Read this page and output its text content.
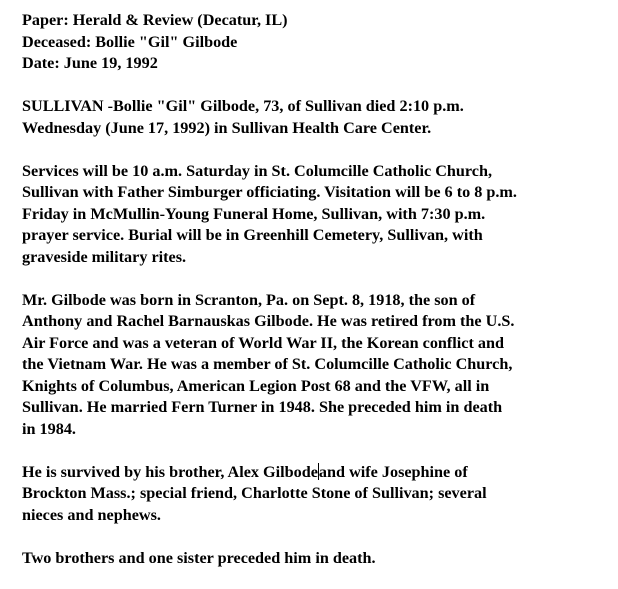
Paper: Herald & Review (Decatur, IL)
Deceased: Bollie "Gil" Gilbode
Date: June 19, 1992
SULLIVAN -Bollie "Gil" Gilbode, 73, of Sullivan died 2:10 p.m.
Wednesday (June 17, 1992) in Sullivan Health Care Center.
Services will be 10 a.m. Saturday in St. Columcille Catholic Church,
Sullivan with Father Simburger officiating. Visitation will be 6 to 8 p.m.
Friday in McMullin-Young Funeral Home, Sullivan, with 7:30 p.m.
prayer service. Burial will be in Greenhill Cemetery, Sullivan, with
graveside military rites.
Mr. Gilbode was born in Scranton, Pa. on Sept. 8, 1918, the son of
Anthony and Rachel Barnauskas Gilbode. He was retired from the U.S.
Air Force and was a veteran of World War II, the Korean conflict and
the Vietnam War. He was a member of St. Columcille Catholic Church,
Knights of Columbus, American Legion Post 68 and the VFW, all in
Sullivan. He married Fern Turner in 1948. She preceded him in death
in 1984.
He is survived by his brother, Alex Gilbodeand wife Josephine of
Brockton Mass.; special friend, Charlotte Stone of Sullivan; several
nieces and nephews.
Two brothers and one sister preceded him in death.
